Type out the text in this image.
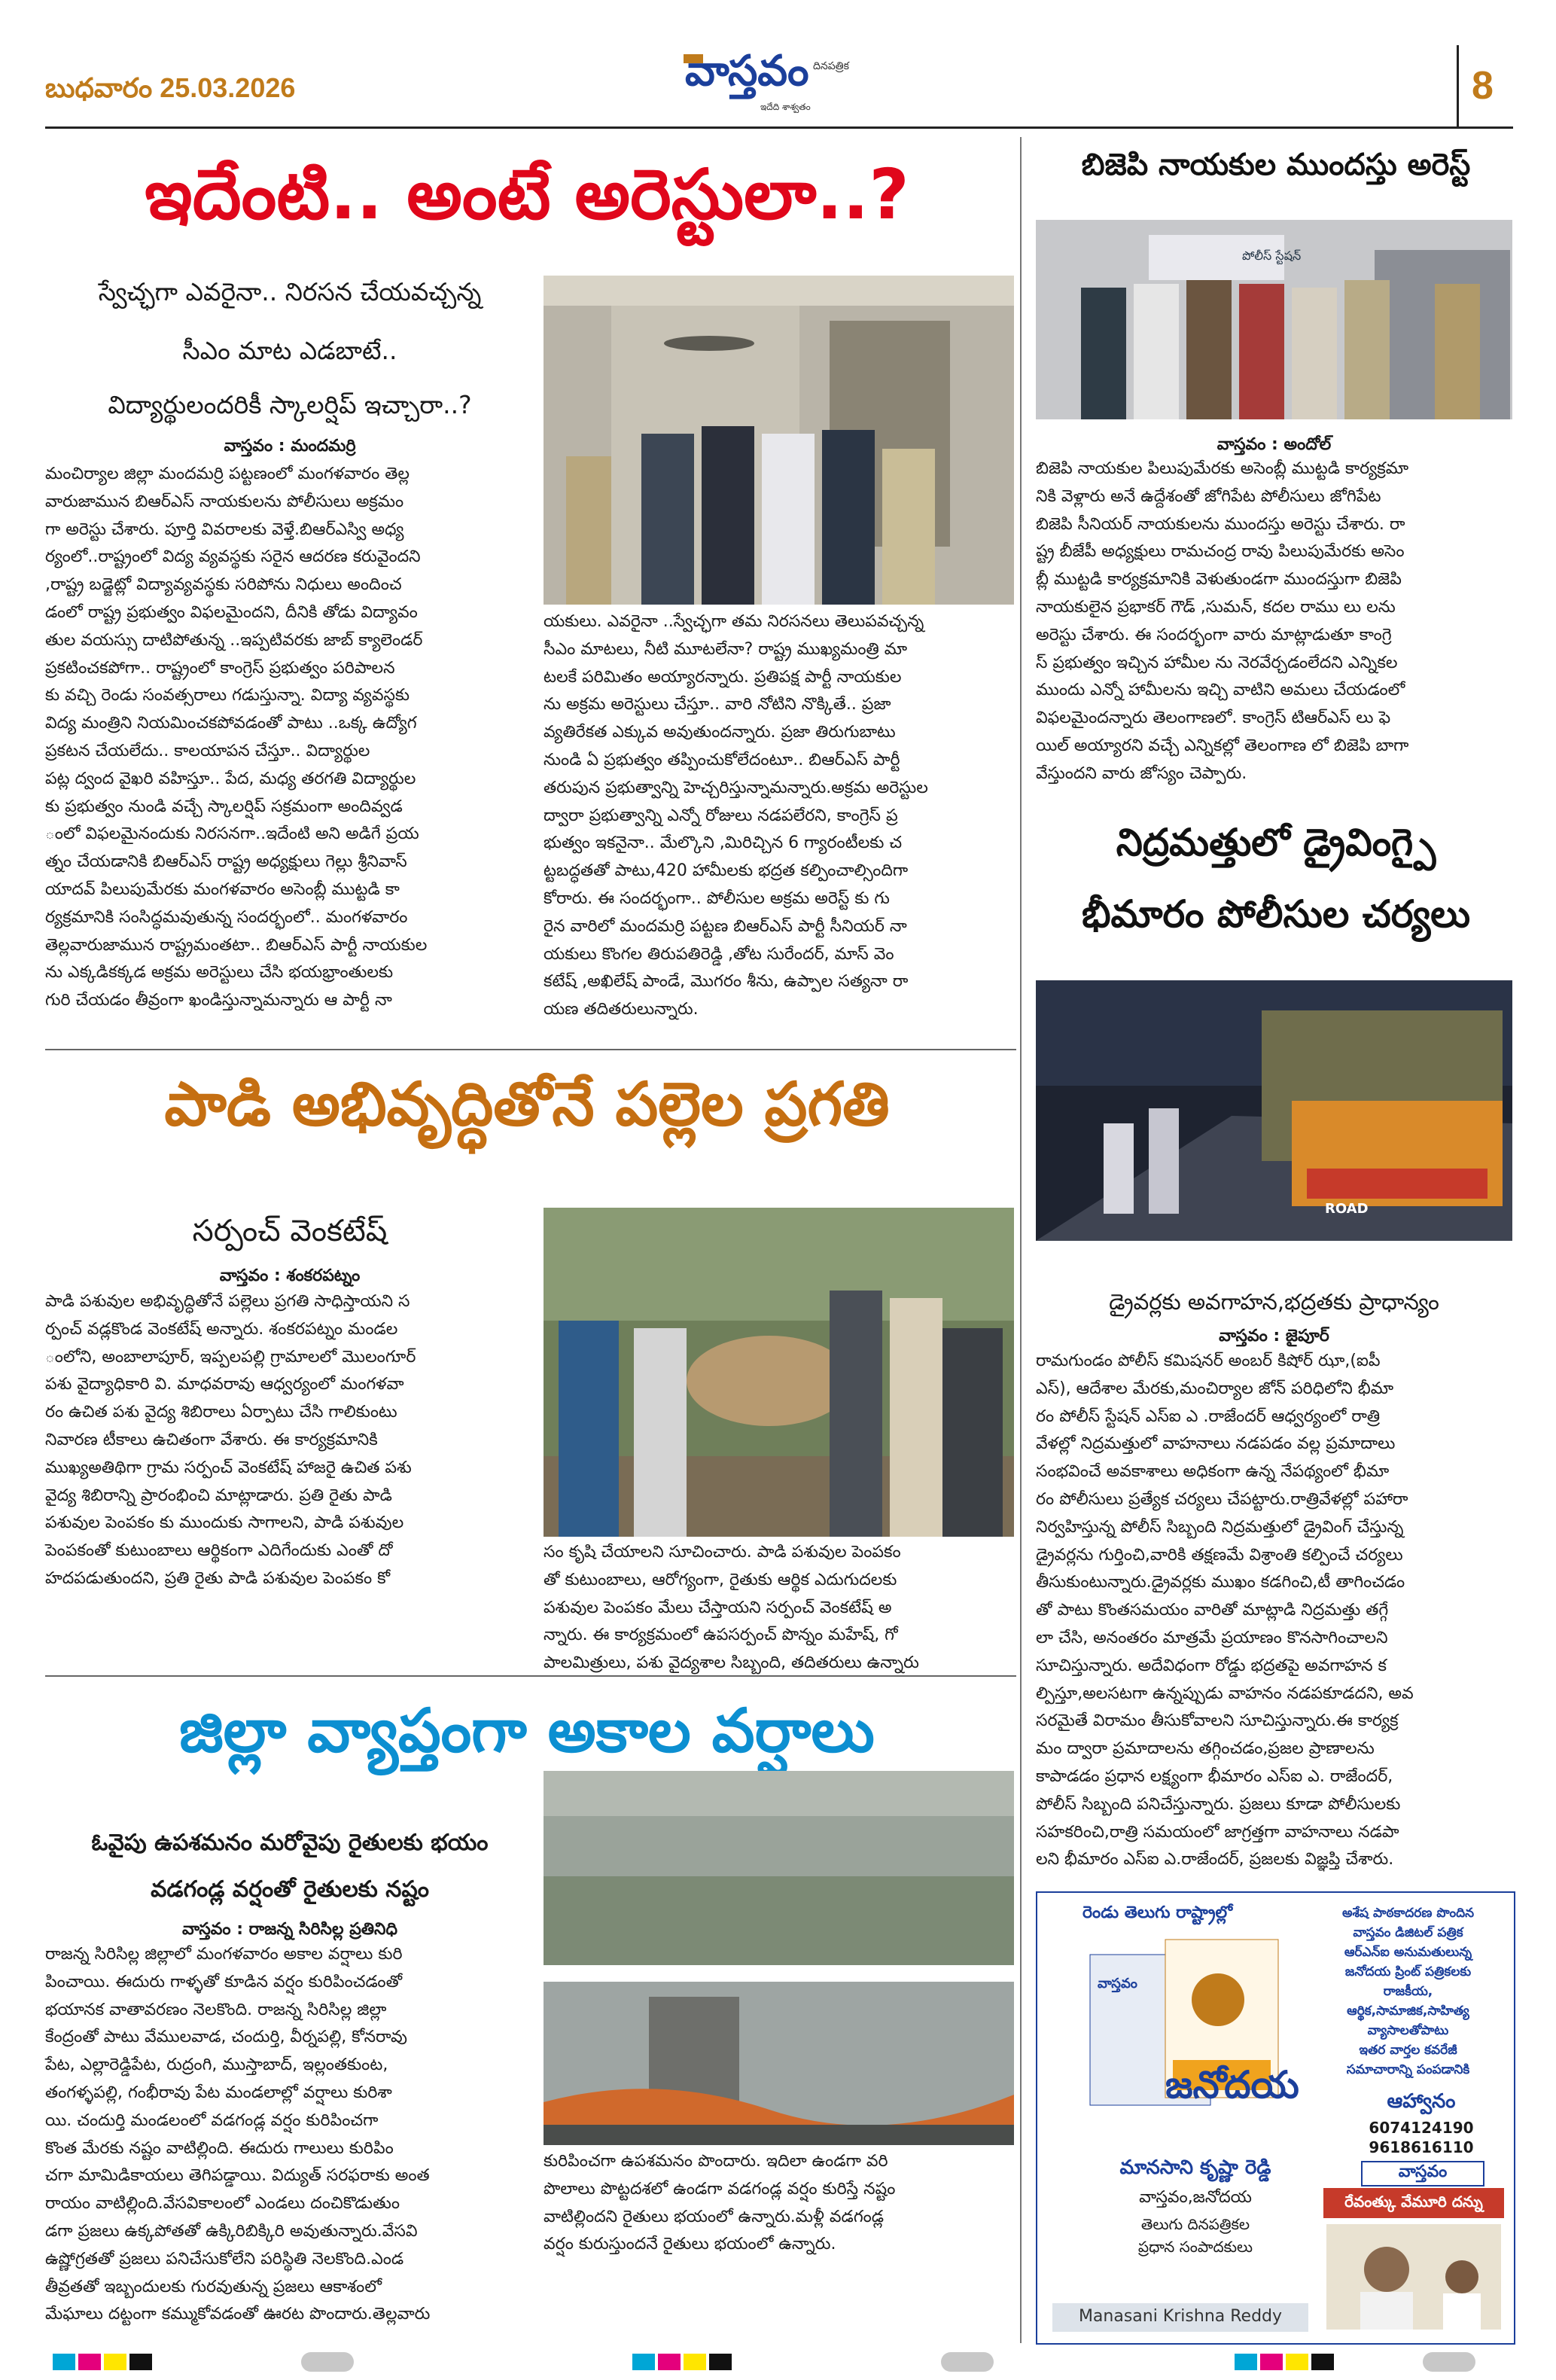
బుధవారం 25.03.2026	వాస్తవం దినపత్రిక
ఇదేది శాశ్వతం	8
ఇదేంటి.. అంటే అరెస్టులా..?
స్వేచ్ఛగా ఎవరైనా.. నిరసన చేయవచ్చన్న
సీఎం మాట ఎడబాటే..
విద్యార్థులందరికీ స్కాలర్షిప్ ఇచ్చారా..?
వాస్తవం : మందమర్రి

మంచిర్యాల జిల్లా మందమర్రి పట్టణంలో మంగళవారం తెల్ల

వారుజామున బిఆర్ఎస్ నాయకులను పోలీసులు అక్రమం

గా అరెస్టు చేశారు. పూర్తి వివరాలకు వెళ్తే.బిఆర్ఎస్వి అధ్య

ర్యంలో..రాష్ట్రంలో విద్య వ్యవస్థకు సరైన ఆదరణ కరువైందని

,రాష్ట్ర బడ్జెట్లో విద్యావ్యవస్థకు సరిపోను నిధులు అందించ

డంలో రాష్ట్ర ప్రభుత్వం విఫలమైందని, దీనికి తోడు విద్యావం

తుల వయస్సు దాటిపోతున్న ..ఇప్పటివరకు జాబ్ క్యాలెండర్

ప్రకటించకపోగా.. రాష్ట్రంలో కాంగ్రెస్ ప్రభుత్వం పరిపాలన

కు వచ్చి రెండు సంవత్సరాలు గడుస్తున్నా. విద్యా వ్యవస్థకు

విద్య మంత్రిని నియమించకపోవడంతో పాటు ..ఒక్క ఉద్యోగ

ప్రకటన చేయలేదు.. కాలయాపన చేస్తూ.. విద్యార్థుల

పట్ల ద్వంద వైఖరి వహిస్తూ.. పేద, మధ్య తరగతి విద్యార్థుల

కు ప్రభుత్వం నుండి వచ్చే స్కాలర్షిప్ సక్రమంగా అందివ్వడ

ంలో విఫలమైనందుకు నిరసనగా..ఇదేంటి అని అడిగే ప్రయ

త్నం చేయడానికి బిఆర్ఎస్ రాష్ట్ర అధ్యక్షులు గెల్లు శ్రీనివాస్

యాదవ్ పిలుపుమేరకు మంగళవారం అసెంబ్లీ ముట్టడి కా

ర్యక్రమానికి సంసిద్ధమవుతున్న సందర్భంలో.. మంగళవారం

తెల్లవారుజామున రాష్ట్రమంతటా.. బిఆర్ఎస్ పార్టీ నాయకుల

ను ఎక్కడికక్కడ అక్రమ అరెస్టులు చేసి భయభ్రాంతులకు

గురి చేయడం తీవ్రంగా ఖండిస్తున్నామన్నారు ఆ పార్టీ నా

యకులు. ఎవరైనా ..స్వేచ్ఛగా తమ నిరసనలు తెలుపవచ్చన్న

సీఎం మాటలు, నీటి మూటలేనా? రాష్ట్ర ముఖ్యమంత్రి మా

టలకే పరిమితం అయ్యారన్నారు. ప్రతిపక్ష పార్టీ నాయకుల

ను అక్రమ అరెస్టులు చేస్తూ.. వారి నోటిని నొక్కితే.. ప్రజా

వ్యతిరేకత ఎక్కువ అవుతుందన్నారు. ప్రజా తిరుగుబాటు

నుండి ఏ ప్రభుత్వం తప్పించుకోలేదంటూ.. బిఆర్ఎస్ పార్టీ

తరుపున ప్రభుత్వాన్ని హెచ్చరిస్తున్నామన్నారు.అక్రమ అరెస్టుల

ద్వారా ప్రభుత్వాన్ని ఎన్నో రోజులు నడపలేరని, కాంగ్రెస్ ప్ర

భుత్వం ఇకనైనా.. మేల్కొని ,మిరిచ్చిన 6 గ్యారంటీలకు చ

ట్టబద్ధతతో పాటు,420 హామీలకు భద్రత కల్పించాల్సిందిగా

కోరారు. ఈ సందర్భంగా.. పోలీసుల అక్రమ అరెస్ట్ కు గు

రైన వారిలో మందమర్రి పట్టణ బిఆర్ఎస్ పార్టీ సీనియర్ నా

యకులు కొంగల తిరుపతిరెడ్డి ,తోట సురేందర్, మాస్ వెం

కటేష్ ,అఖిలేష్ పాండే, మొగరం శీను, ఉప్పాల సత్యనా రా

యణ తదితరులున్నారు.

బిజెపి నాయకుల ముందస్తు అరెస్ట్
పోలీస్ స్టేషన్
వాస్తవం : అందోల్

బిజెపి నాయకుల పిలుపుమేరకు అసెంబ్లీ ముట్టడి కార్యక్రమా

నికి వెళ్లారు అనే ఉద్దేశంతో జోగిపేట పోలీసులు జోగిపేట

బిజెపి సీనియర్ నాయకులను ముందస్తు అరెస్టు చేశారు. రా

ష్ట్ర బీజేపీ అధ్యక్షులు రామచంద్ర రావు పిలుపుమేరకు అసెం

బ్లీ ముట్టడి కార్యక్రమానికి వెళుతుండగా ముందస్తుగా బిజెపి

నాయకులైన ప్రభాకర్ గౌడ్ ,సుమన్, కదల రాము లు లను

అరెస్టు చేశారు. ఈ సందర్భంగా వారు మాట్లాడుతూ కాంగ్రె

స్ ప్రభుత్వం ఇచ్చిన హామీల ను నెరవేర్చడంలేదని ఎన్నికల

ముందు ఎన్నో హామీలను ఇచ్చి వాటిని అమలు చేయడంలో

విఫలమైందన్నారు తెలంగాణలో. కాంగ్రెస్ టిఆర్ఎస్ లు ఫె

యిల్ అయ్యారని వచ్చే ఎన్నికల్లో తెలంగాణ లో బిజెపి బాగా

వేస్తుందని వారు జోస్యం చెప్పారు.

నిద్రమత్తులో డ్రైవింగ్పై
భీమారం పోలీసుల చర్యలు
ROAD
డ్రైవర్లకు అవగాహన,భద్రతకు ప్రాధాన్యం
వాస్తవం : జైపూర్

రామగుండం పోలీస్ కమిషనర్ అంబర్ కిషోర్ ఝా,(ఐపీ

ఎస్), ఆదేశాల మేరకు,మంచిర్యాల జోన్ పరిధిలోని భీమా

రం పోలీస్ స్టేషన్ ఎస్ఐ ఎ .రాజేందర్ ఆధ్వర్యంలో రాత్రి

వేళల్లో నిద్రమత్తులో వాహనాలు నడపడం వల్ల ప్రమాదాలు

సంభవించే అవకాశాలు అధికంగా ఉన్న నేపథ్యంలో భీమా

రం పోలీసులు ప్రత్యేక చర్యలు చేపట్టారు.రాత్రివేళల్లో పహారా

నిర్వహిస్తున్న పోలీస్ సిబ్బంది నిద్రమత్తులో డ్రైవింగ్ చేస్తున్న

డ్రైవర్లను గుర్తించి,వారికి తక్షణమే విశ్రాంతి కల్పించే చర్యలు

తీసుకుంటున్నారు.డ్రైవర్లకు ముఖం కడగించి,టీ తాగించడం

తో పాటు కొంతసమయం వారితో మాట్లాడి నిద్రమత్తు తగ్గే

లా చేసి, అనంతరం మాత్రమే ప్రయాణం కొనసాగించాలని

సూచిస్తున్నారు. అదేవిధంగా రోడ్డు భద్రతపై అవగాహన క

ల్పిస్తూ,అలసటగా ఉన్నప్పుడు వాహనం నడపకూడదని, అవ

సరమైతే విరామం తీసుకోవాలని సూచిస్తున్నారు.ఈ కార్యక్ర

మం ద్వారా ప్రమాదాలను తగ్గించడం,ప్రజల ప్రాణాలను

కాపాడడం ప్రధాన లక్ష్యంగా భీమారం ఎస్ఐ ఎ. రాజేందర్,

పోలీస్ సిబ్బంది పనిచేస్తున్నారు. ప్రజలు కూడా పోలీసులకు

సహకరించి,రాత్రి సమయంలో జాగ్రత్తగా వాహనాలు నడపా

లని భీమారం ఎస్ఐ ఎ.రాజేందర్, ప్రజలకు విజ్ఞప్తి చేశారు.

పాడి అభివృద్ధితోనే పల్లెల ప్రగతి
సర్పంచ్ వెంకటేష్
వాస్తవం : శంకరపట్నం

పాడి పశువుల అభివృద్ధితోనే పల్లెలు ప్రగతి సాధిస్తాయని స

ర్పంచ్ వడ్లకొండ వెంకటేష్ అన్నారు. శంకరపట్నం మండల

ంలోని, అంబాలాపూర్, ఇప్పలపల్లి గ్రామాలలో మొలంగూర్

పశు వైద్యాధికారి వి. మాధవరావు ఆధ్వర్యంలో మంగళవా

రం ఉచిత పశు వైద్య శిబిరాలు ఏర్పాటు చేసి గాలికుంటు

నివారణ టీకాలు ఉచితంగా వేశారు. ఈ కార్యక్రమానికి

ముఖ్యఅతిథిగా గ్రామ సర్పంచ్ వెంకటేష్ హాజరై ఉచిత పశు

వైద్య శిబిరాన్ని ప్రారంభించి మాట్లాడారు. ప్రతి రైతు పాడి

పశువుల పెంపకం కు ముందుకు సాగాలని, పాడి పశువుల

పెంపకంతో కుటుంబాలు ఆర్థికంగా ఎదిగేందుకు ఎంతో దో

హదపడుతుందని, ప్రతి రైతు పాడి పశువుల పెంపకం కో

సం కృషి చేయాలని సూచించారు. పాడి పశువుల పెంపకం

తో కుటుంబాలు, ఆరోగ్యంగా, రైతుకు ఆర్థిక ఎదుగుదలకు

పశువుల పెంపకం మేలు చేస్తాయని సర్పంచ్ వెంకటేష్ అ

న్నారు. ఈ కార్యక్రమంలో ఉపసర్పంచ్ పొన్నం మహేష్, గో

పాలమిత్రులు, పశు వైద్యశాల సిబ్బంది, తదితరులు ఉన్నారు

జిల్లా వ్యాప్తంగా అకాల వర్షాలు
ఓవైపు ఉపశమనం మరోవైపు రైతులకు భయం
వడగండ్ల వర్షంతో రైతులకు నష్టం
వాస్తవం : రాజన్న సిరిసిల్ల ప్రతినిధి

రాజన్న సిరిసిల్ల జిల్లాలో మంగళవారం అకాల వర్షాలు కురి

పించాయి. ఈదురు గాళ్ళతో కూడిన వర్షం కురిపించడంతో

భయానక వాతావరణం నెలకొంది. రాజన్న సిరిసిల్ల జిల్లా

కేంద్రంతో పాటు వేములవాడ, చందుర్తి, వీర్నపల్లి, కోనరావు

పేట, ఎల్లారెడ్డిపేట, రుద్రంగి, ముస్తాబాద్, ఇల్లంతకుంట,

తంగళ్ళపల్లి, గంభీరావు పేట మండలాల్లో వర్షాలు కురిశా

యి. చందుర్తి మండలంలో వడగండ్ల వర్షం కురిపించగా

కొంత మేరకు నష్టం వాటిల్లింది. ఈదురు గాలులు కురిపిం

చగా మామిడికాయలు తెగిపడ్డాయి. విద్యుత్ సరఫరాకు అంత

రాయం వాటిల్లింది.వేసవికాలంలో ఎండలు దంచికొడుతుం

డగా ప్రజలు ఉక్కపోతతో ఉక్కిరిబిక్కిరి అవుతున్నారు.వేసవి

ఉష్ణోగ్రతతో ప్రజలు పనిచేసుకోలేని పరిస్థితి నెలకొంది.ఎండ

తీవ్రతతో ఇబ్బందులకు గురవుతున్న ప్రజలు ఆకాశంలో

మేఘాలు దట్టంగా కమ్ముకోవడంతో ఊరట పొందారు.తెల్లవారు

కురిపించగా ఉపశమనం పొందారు. ఇదిలా ఉండగా వరి

పొలాలు పొట్టదశలో ఉండగా వడగండ్ల వర్షం కురిస్తే నష్టం

వాటిల్లిందని రైతులు భయంలో ఉన్నారు.మళ్లీ వడగండ్ల

వర్షం కురుస్తుందనే రైతులు భయంలో ఉన్నారు.

రెండు తెలుగు రాష్ట్రాల్లో	అశేష పాఠకాదరణ పొందిన
వాస్తవం డిజిటల్ పత్రిక
ఆర్ఎన్ఐ అనుమతులున్న
జనోదయ ప్రింట్ పత్రికలకు
రాజకీయ,
ఆర్థిక,సామాజిక,సాహిత్య
వ్యాసాలతోపాటు
ఇతర వార్తల కవరేజీ
సమాచారాన్ని పంపడానికి
వాస్తవం
జనోదయ	ఆహ్వానం
6074124190
9618616110
వాస్తవం
మానసాని కృష్ణా రెడ్డి
వాస్తవం,జనోదయ
తెలుగు దినపత్రికల
ప్రధాన సంపాదకులు
రేవంత్కు వేమూరి దన్ను
Manasani Krishna Reddy
